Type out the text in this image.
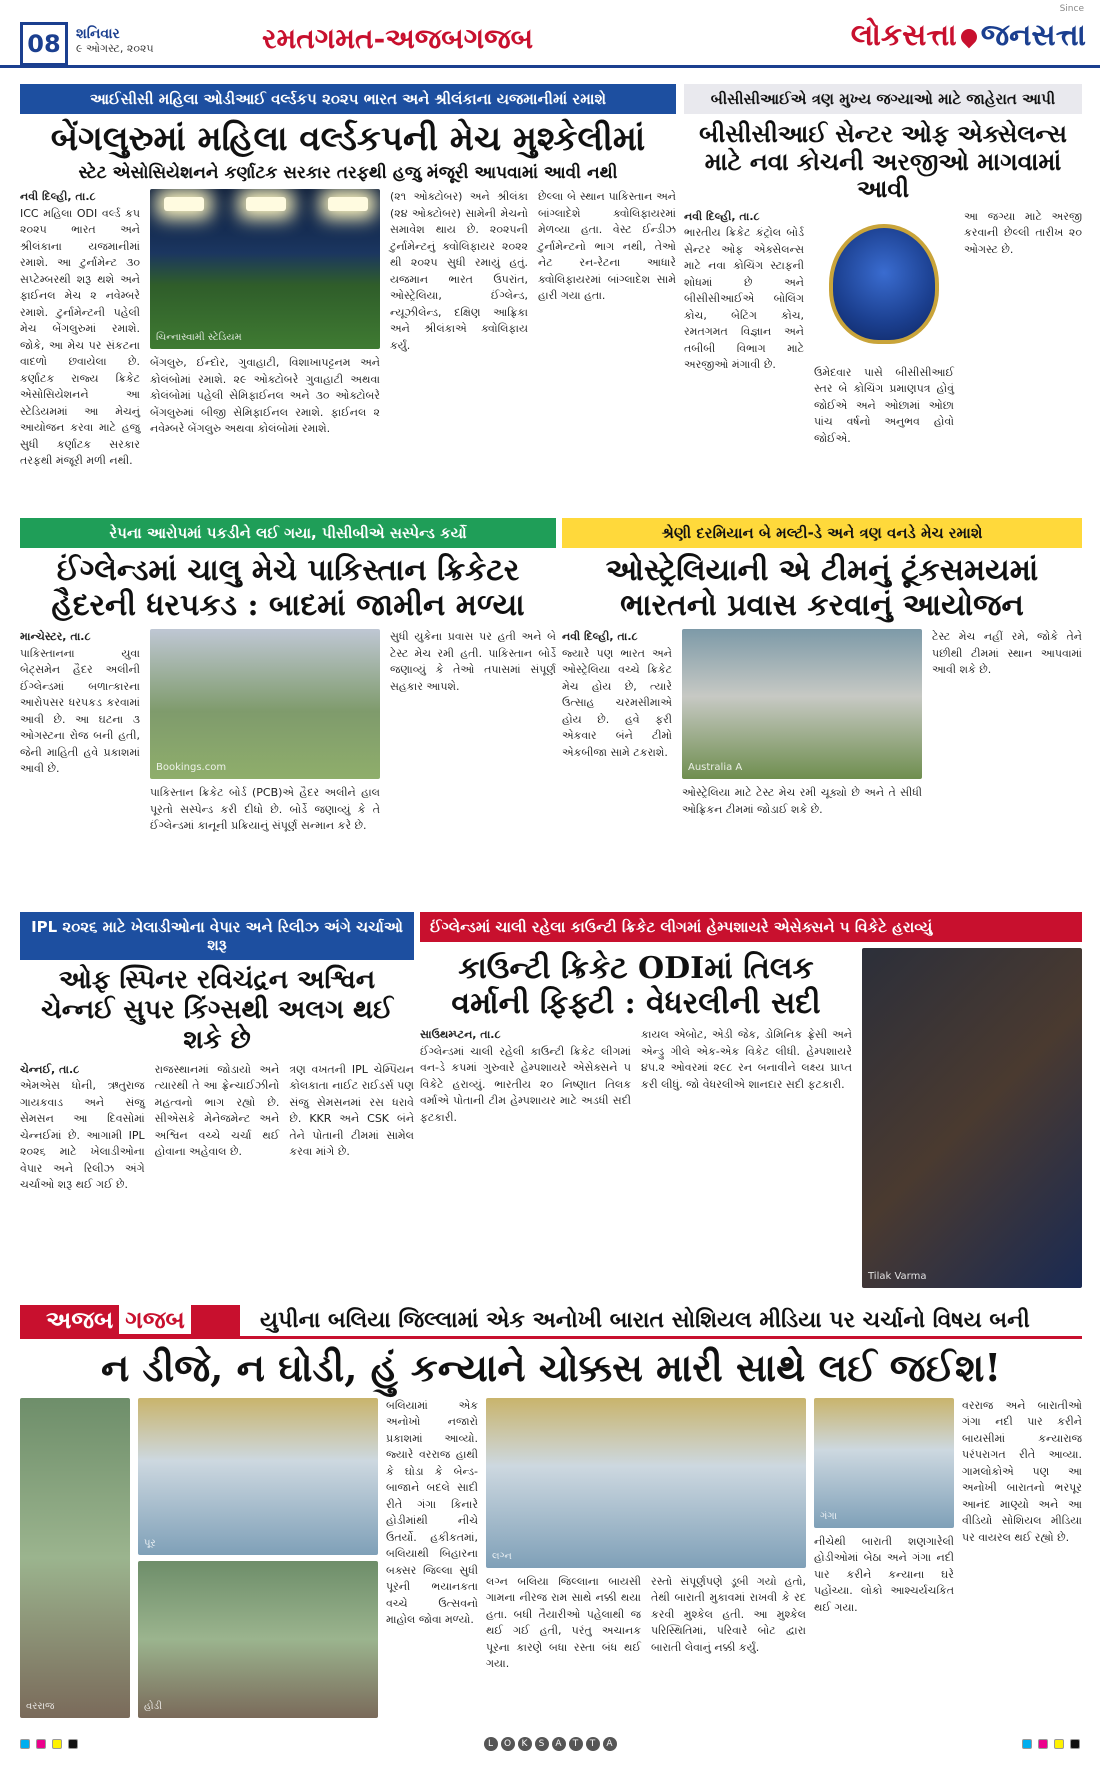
08	શનિવાર
૯ ઓગસ્ટ, ૨૦૨૫	રમતગમત-અજબગજબ
Since
લોકસત્તા જનસત્તા
આઈસીસી મહિલા ઓડીઆઈ વર્લ્ડકપ ૨૦૨૫ ભારત અને શ્રીલંકાના યજમાનીમાં રમાશે
બેંગલુરુમાં મહિલા વર્લ્ડકપની મેચ મુશ્કેલીમાં
સ્ટેટ એસોસિયેશનને કર્ણાટક સરકાર તરફથી હજુ મંજૂરી આપવામાં આવી નથી
નવી દિલ્હી, તા.૮
ICC મહિલા ODI વર્લ્ડ કપ ૨૦૨૫ ભારત અને શ્રીલંકાના યજમાનીમાં રમાશે. આ ટુર્નામેન્ટ ૩૦ સપ્ટેમ્બરથી શરૂ થશે અને ફાઈનલ મેચ ૨ નવેમ્બરે રમાશે. ટુર્નામેન્ટની પહેલી મેચ બેંગલુરુમાં રમાશે. જોકે, આ મેચ પર સંકટના વાદળો છવાયેલા છે. કર્ણાટક રાજ્ય ક્રિકેટ એસોસિયેશનને આ સ્ટેડિયમમાં આ મેચનું આયોજન કરવા માટે હજુ સુધી કર્ણાટક સરકાર તરફથી મંજૂરી મળી નથી.
ચિન્નાસ્વામી સ્ટેડિયમ
બેંગલુરુ, ઈન્દોર, ગુવાહાટી, વિશાખાપટ્ટનમ અને કોલંબોમાં રમાશે. ૨૯ ઓક્ટોબરે ગુવાહાટી અથવા કોલંબોમાં પહેલી સેમિફાઈનલ અને ૩૦ ઓક્ટોબરે બેંગલુરુમાં બીજી સેમિફાઈનલ રમાશે. ફાઈનલ ૨ નવેમ્બરે બેંગલુરુ અથવા કોલંબોમાં રમાશે.
(૨૧ ઓક્ટોબર) અને શ્રીલંકા (૨૪ ઓક્ટોબર) સામેની મેચનો સમાવેશ થાય છે. ૨૦૨૫ની ટુર્નામેન્ટનું ક્વોલિફાયર ૨૦૨૨ થી ૨૦૨૫ સુધી રમાયું હતું. યજમાન ભારત ઉપરાંત, ઓસ્ટ્રેલિયા, ઈંગ્લેન્ડ, ન્યૂઝીલેન્ડ, દક્ષિણ આફ્રિકા અને શ્રીલંકાએ ક્વોલિફાય કર્યું.
છેલ્લા બે સ્થાન પાકિસ્તાન અને બાંગ્લાદેશે ક્વોલિફાયરમાં મેળવ્યા હતા. વેસ્ટ ઈન્ડીઝ ટુર્નામેન્ટનો ભાગ નથી, તેઓ નેટ રન-રેટના આધારે ક્વોલિફાયરમાં બાંગ્લાદેશ સામે હારી ગયા હતા.
બીસીસીઆઈએ ત્રણ મુખ્ય જગ્યાઓ માટે જાહેરાત આપી
બીસીસીઆઈ સેન્ટર ઓફ એક્સેલન્સ માટે નવા કોચની અરજીઓ માગવામાં આવી
નવી દિલ્હી, તા.૮
ભારતીય ક્રિકેટ કંટ્રોલ બોર્ડ સેન્ટર ઓફ એક્સેલન્સ માટે નવા કોચિંગ સ્ટાફની શોધમાં છે અને બીસીસીઆઈએ બોલિંગ કોચ, બેટિંગ કોચ, રમતગમત વિજ્ઞાન અને તબીબી વિભાગ માટે અરજીઓ મંગાવી છે.
ઉમેદવાર પાસે બીસીસીઆઈ સ્તર બે કોચિંગ પ્રમાણપત્ર હોવું જોઈએ અને ઓછામાં ઓછા પાંચ વર્ષનો અનુભવ હોવો જોઈએ.
આ જગ્યા માટે અરજી કરવાની છેલ્લી તારીખ ૨૦ ઓગસ્ટ છે.
રેપના આરોપમાં પકડીને લઈ ગયા, પીસીબીએ સસ્પેન્ડ કર્યો
ઈંગ્લેન્ડમાં ચાલુ મેચે પાકિસ્તાન ક્રિકેટર હૈદરની ધરપકડ : બાદમાં જામીન મળ્યા
માન્ચેસ્ટર, તા.૮
પાકિસ્તાનના યુવા બેટ્સમેન હૈદર અલીની ઈંગ્લેન્ડમાં બળાત્કારના આરોપસર ધરપકડ કરવામાં આવી છે. આ ઘટના ૩ ઓગસ્ટના રોજ બની હતી, જેની માહિતી હવે પ્રકાશમાં આવી છે.	Bookings.com
પાકિસ્તાન ક્રિકેટ બોર્ડ (PCB)એ હૈદર અલીને હાલ પૂરતો સસ્પેન્ડ કરી દીધો છે. બોર્ડે જણાવ્યું કે તે ઈંગ્લેન્ડમાં કાનૂની પ્રક્રિયાનું સંપૂર્ણ સન્માન કરે છે.
સુધી યુકેના પ્રવાસ પર હતી અને બે ટેસ્ટ મેચ રમી હતી. પાકિસ્તાન બોર્ડે જણાવ્યું કે તેઓ તપાસમાં સંપૂર્ણ સહકાર આપશે.
શ્રેણી દરમિયાન બે મલ્ટી-ડે અને ત્રણ વનડે મેચ રમાશે
ઓસ્ટ્રેલિયાની એ ટીમનું ટૂંકસમયમાં ભારતનો પ્રવાસ કરવાનું આયોજન
નવી દિલ્હી, તા.૮
જ્યારે પણ ભારત અને ઓસ્ટ્રેલિયા વચ્ચે ક્રિકેટ મેચ હોય છે, ત્યારે ઉત્સાહ ચરમસીમાએ હોય છે. હવે ફરી એકવાર બંને ટીમો એકબીજા સામે ટકરાશે.
Australia A
ઓસ્ટ્રેલિયા માટે ટેસ્ટ મેચ રમી ચૂક્યો છે અને તે સીધી ઓફ્રિકન ટીમમાં જોડાઈ શકે છે.
ટેસ્ટ મેચ નહીં રમે, જોકે તેને પછીથી ટીમમાં સ્થાન આપવામાં આવી શકે છે.
IPL ૨૦૨૬ માટે ખેલાડીઓના વેપાર અને રિલીઝ અંગે ચર્ચાઓ શરૂ
ઓફ સ્પિનર રવિચંદ્રન અશ્વિન ચેન્નઈ સુપર કિંગ્સથી અલગ થઈ શકે છે
ચેન્નઈ, તા.૮
એમએસ ધોની, ઋતુરાજ ગાયકવાડ અને સંજુ સેમસન આ દિવસોમાં ચેન્નઈમાં છે. આગામી IPL ૨૦૨૬ માટે ખેલાડીઓના વેપાર અને રિલીઝ અંગે ચર્ચાઓ શરૂ થઈ ગઈ છે.
રાજસ્થાનમાં જોડાયો અને ત્યારથી તે આ ફ્રેન્ચાઈઝીનો મહત્વનો ભાગ રહ્યો છે. સીએસકે મેનેજમેન્ટ અને અશ્વિન વચ્ચે ચર્ચા થઈ હોવાના અહેવાલ છે.
ત્રણ વખતની IPL ચેમ્પિયન કોલકાતા નાઈટ રાઈડર્સ પણ સંજુ સેમસનમાં રસ ધરાવે છે. KKR અને CSK બંને તેને પોતાની ટીમમાં સામેલ કરવા માંગે છે.
ઈંગ્લેન્ડમાં ચાલી રહેલા કાઉન્ટી ક્રિકેટ લીગમાં હેમ્પશાયરે એસેક્સને ૫ વિકેટે હરાવ્યું
કાઉન્ટી ક્રિકેટ ODIમાં તિલક વર્માની ફિફ્ટી : વેધરલીની સદી
સાઉથમ્પ્ટન, તા.૮
ઈંગ્લેન્ડમાં ચાલી રહેલી કાઉન્ટી ક્રિકેટ લીગમાં વન-ડે કપમાં ગુરુવારે હેમ્પશાયરે એસેક્સને ૫ વિકેટે હરાવ્યું. ભારતીય ૨૦ નિષ્ણાત તિલક વર્માએ પોતાની ટીમ હેમ્પશાયર માટે અડધી સદી ફટકારી.
કાયલ એબોટ, એડી જેક, ડોમિનિક ફ્રેસી અને એન્ડ્રુ ગીલે એક-એક વિકેટ લીધી. હેમ્પશાયરે ૪૫.૨ ઓવરમાં ૨૯૮ રન બનાવીને લક્ષ્ય પ્રાપ્ત કરી લીધું. જો વેધરલીએ શાનદાર સદી ફટકારી.
Tilak Varma
અજબ ગજબ	યુપીના બલિયા જિલ્લામાં એક અનોખી બારાત સોશિયલ મીડિયા પર ચર્ચાનો વિષય બની
ન ડીજે, ન ઘોડી, હું કન્યાને ચોક્કસ મારી સાથે લઈ જઈશ!
વરરાજ
પૂર
હોડી
બલિયામાં એક અનોખો નજારો પ્રકાશમાં આવ્યો. જ્યારે વરરાજ હાથી કે ઘોડા કે બેન્ડ-બાજાને બદલે સાદી રીતે ગંગા કિનારે હોડીમાંથી નીચે ઉતર્યો. હકીકતમાં, બલિયાથી બિહારના બક્સર જિલ્લા સુધી પૂરની ભયાનકતા વચ્ચે ઉત્સવનો માહોલ જોવા મળ્યો.
લગ્ન
લગ્ન બલિયા જિલ્લાના બાયસી ગામના નીરજ રામ સાથે નક્કી થયા હતા. બધી તૈયારીઓ પહેલાથી જ થઈ ગઈ હતી, પરંતુ અચાનક પૂરના કારણે બધા રસ્તા બંધ થઈ ગયા.
રસ્તો સંપૂર્ણપણે ડૂબી ગયો હતો, તેથી બારાતી મુકાવમાં રાખવી કે રદ કરવી મુશ્કેલ હતી. આ મુશ્કેલ પરિસ્થિતિમાં, પરિવારે બોટ દ્વારા બારાતી લેવાનું નક્કી કર્યું.
ગંગા
નીચેથી બારાતી શણગારેલી હોડીઓમાં બેઠા અને ગંગા નદી પાર કરીને કન્યાના ઘરે પહોંચ્યા. લોકો આશ્ચર્યચકિત થઈ ગયા.
વરરાજ અને બારાતીઓ ગંગા નદી પાર કરીને બાયસીમાં કન્યારાજ પરંપરાગત રીતે આવ્યા. ગામલોકોએ પણ આ અનોખી બારાતનો ભરપૂર આનંદ માણ્યો અને આ વીડિયો સોશિયલ મીડિયા પર વાયરલ થઈ રહ્યો છે.
L	O	K	S	A	T	T	A
